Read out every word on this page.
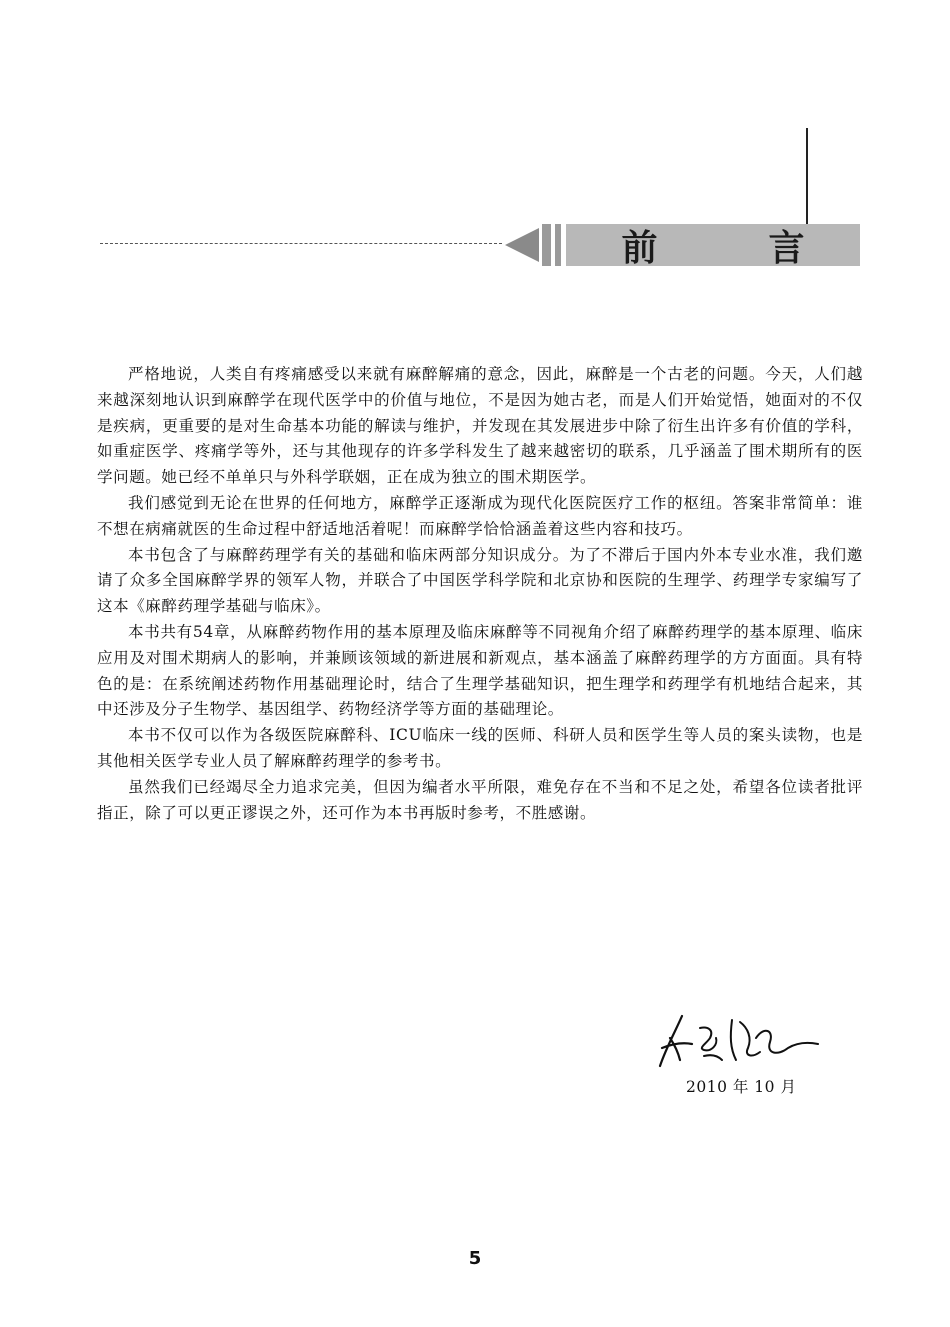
前	言

严格地说，人类自有疼痛感受以来就有麻醉解痛的意念，因此，麻醉是一个古老的问题。今天，人们越来越深刻地认识到麻醉学在现代医学中的价值与地位，不是因为她古老，而是人们开始觉悟，她面对的不仅是疾病，更重要的是对生命基本功能的解读与维护，并发现在其发展进步中除了衍生出许多有价值的学科，如重症医学、疼痛学等外，还与其他现存的许多学科发生了越来越密切的联系，几乎涵盖了围术期所有的医学问题。她已经不单单只与外科学联姻，正在成为独立的围术期医学。

我们感觉到无论在世界的任何地方，麻醉学正逐渐成为现代化医院医疗工作的枢纽。答案非常简单：谁不想在病痛就医的生命过程中舒适地活着呢！而麻醉学恰恰涵盖着这些内容和技巧。

本书包含了与麻醉药理学有关的基础和临床两部分知识成分。为了不滞后于国内外本专业水准，我们邀请了众多全国麻醉学界的领军人物，并联合了中国医学科学院和北京协和医院的生理学、药理学专家编写了这本《麻醉药理学基础与临床》。

本书共有54章，从麻醉药物作用的基本原理及临床麻醉等不同视角介绍了麻醉药理学的基本原理、临床应用及对围术期病人的影响，并兼顾该领域的新进展和新观点，基本涵盖了麻醉药理学的方方面面。具有特色的是：在系统阐述药物作用基础理论时，结合了生理学基础知识，把生理学和药理学有机地结合起来，其中还涉及分子生物学、基因组学、药物经济学等方面的基础理论。

本书不仅可以作为各级医院麻醉科、ICU临床一线的医师、科研人员和医学生等人员的案头读物，也是其他相关医学专业人员了解麻醉药理学的参考书。

虽然我们已经竭尽全力追求完美，但因为编者水平所限，难免存在不当和不足之处，希望各位读者批评指正，除了可以更正谬误之外，还可作为本书再版时参考，不胜感谢。

2010 年 10 月
5
